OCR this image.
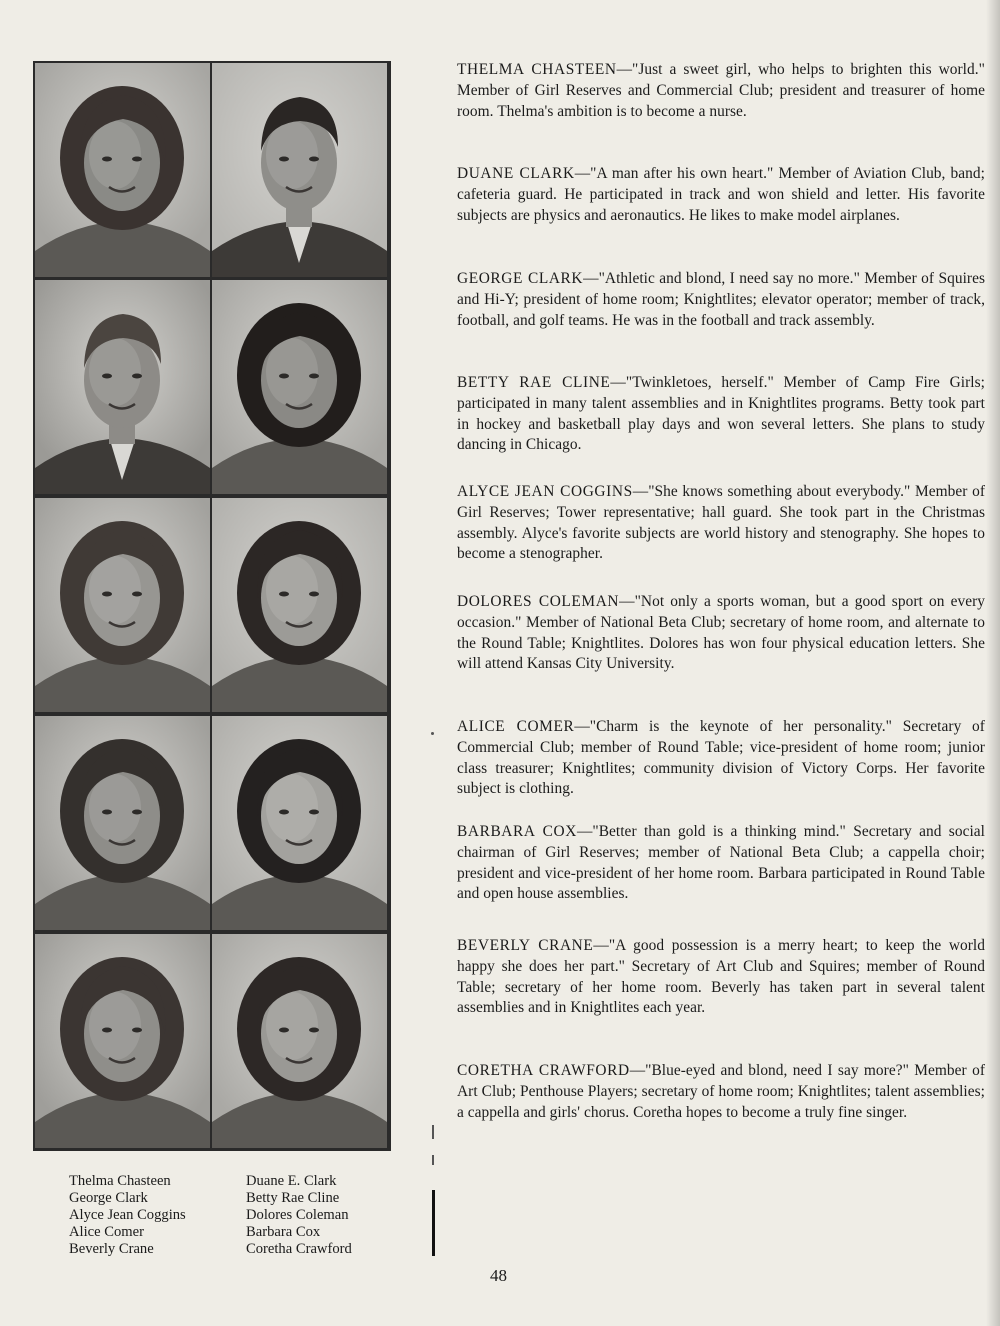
Thelma Chasteen
George Clark
Alyce Jean Coggins
Alice Comer
Beverly Crane
Duane E. Clark
Betty Rae Cline
Dolores Coleman
Barbara Cox
Coretha Crawford
THELMA CHASTEEN—"Just a sweet girl, who helps to brighten this world." Member of Girl Reserves and Commercial Club; president and treasurer of home room. Thelma's ambition is to become a nurse.
DUANE CLARK—"A man after his own heart." Member of Aviation Club, band; cafeteria guard. He participated in track and won shield and letter. His favorite subjects are physics and aeronautics. He likes to make model airplanes.
GEORGE CLARK—"Athletic and blond, I need say no more." Member of Squires and Hi-Y; president of home room; Knightlites; elevator operator; member of track, football, and golf teams. He was in the football and track assembly.
BETTY RAE CLINE—"Twinkletoes, herself." Member of Camp Fire Girls; participated in many talent assemblies and in Knightlites programs. Betty took part in hockey and basketball play days and won several letters. She plans to study dancing in Chicago.
ALYCE JEAN COGGINS—"She knows something about everybody." Member of Girl Reserves; Tower representative; hall guard. She took part in the Christmas assembly. Alyce's favorite subjects are world history and stenography. She hopes to become a stenographer.
DOLORES COLEMAN—"Not only a sports woman, but a good sport on every occasion." Member of National Beta Club; secretary of home room, and alternate to the Round Table; Knightlites. Dolores has won four physical education letters. She will attend Kansas City University.
ALICE COMER—"Charm is the keynote of her personality." Secretary of Commercial Club; member of Round Table; vice-president of home room; junior class treasurer; Knightlites; community division of Victory Corps. Her favorite subject is clothing.
BARBARA COX—"Better than gold is a thinking mind." Secretary and social chairman of Girl Reserves; member of National Beta Club; a cappella choir; president and vice-president of her home room. Barbara participated in Round Table and open house assemblies.
BEVERLY CRANE—"A good possession is a merry heart; to keep the world happy she does her part." Secretary of Art Club and Squires; member of Round Table; secretary of her home room. Beverly has taken part in several talent assemblies and in Knightlites each year.
CORETHA CRAWFORD—"Blue-eyed and blond, need I say more?" Member of Art Club; Penthouse Players; secretary of home room; Knightlites; talent assemblies; a cappella and girls' chorus. Coretha hopes to become a truly fine singer.
48
